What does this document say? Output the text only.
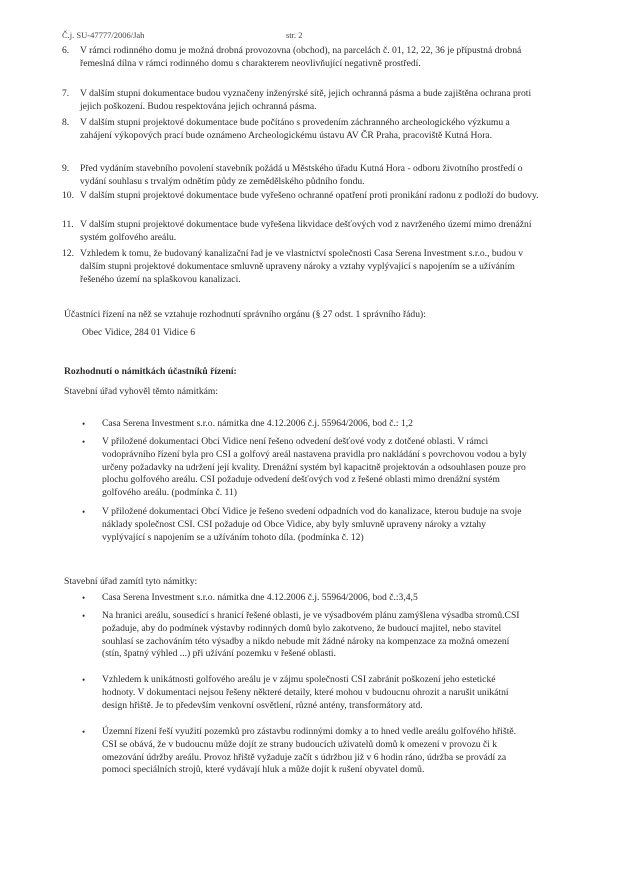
Č.j. SU-47777/2006/Jah	str. 2
6.	V rámci rodinného domu je možná drobná provozovna (obchod), na parcelách č. 01, 12, 22, 36 je přípustná drobná řemeslná dílna v rámci rodinného domu s charakterem neovlivňující negativně prostředí.
7.	V dalším stupni dokumentace budou vyznačeny inženýrské sítě, jejich ochranná pásma a bude zajištěna ochrana proti jejich poškození. Budou respektována jejich ochranná pásma.
8.	V dalším stupni projektové dokumentace bude počítáno s provedením záchranného archeologického výzkumu a zahájení výkopových prací bude oznámeno Archeologickému ústavu AV ČR Praha, pracoviště Kutná Hora.
9.	Před vydáním stavebního povolení stavebník požádá u Městského úřadu Kutná Hora - odboru životního prostředí o vydání souhlasu s trvalým odnětím půdy ze zemědělského půdního fondu.
10. V dalším stupni projektové dokumentace bude vyřešeno ochranné opatření proti pronikání radonu z podloží do budovy.
11. V dalším stupni projektové dokumentace bude vyřešena likvidace dešťových vod z navrženého území mimo drenážní systém golfového areálu.
12. Vzhledem k tomu, že budovaný kanalizační řad je ve vlastnictví společnosti Casa Serena Investment s.r.o., budou v dalším stupni projektové dokumentace smluvně upraveny nároky a vztahy vyplývající s napojením se a užíváním řešeného území na splaškovou kanalizaci.
Účastníci řízení na něž se vztahuje rozhodnutí správního orgánu (§ 27 odst. 1 správního řádu):
Obec Vidice, 284 01 Vidice 6
Rozhodnutí o námitkách účastníků řízení:
Stavební úřad vyhověl těmto námitkám:
• Casa Serena Investment s.r.o. námitka dne 4.12.2006 č.j. 55964/2006, bod č.: 1,2
• V přiložené dokumentaci Obci Vidice není řešeno odvedení dešťové vody z dotčené oblasti. V rámci vodoprávního řízení byla pro CSI a golfový areál nastavena pravidla pro nakládání s povrchovou vodou a byly určeny požadavky na udržení její kvality. Drenážní systém byl kapacitně projektován a odsouhlasen pouze pro plochu golfového areálu. CSI požaduje odvedení dešťových vod z řešené oblasti mimo drenážní systém golfového areálu. (podmínka č. 11)
• V přiložené dokumentaci Obcí Vidice je řešeno svedení odpadních vod do kanalizace, kterou buduje na svoje náklady společnost CSI. CSI požaduje od Obce Vidice, aby byly smluvně upraveny nároky a vztahy vyplývající s napojením se a užíváním tohoto díla. (podmínka č. 12)
Stavební úřad zamítl tyto námitky:
• Casa Serena Investment s.r.o. námitka dne 4.12.2006 č.j. 55964/2006, bod č.:3,4,5
• Na hranici areálu, sousedící s hranicí řešené oblasti, je ve výsadbovém plánu zamýšlena výsadba stromů.CSI požaduje, aby do podmínek výstavby rodinných domů bylo zakotveno, že budoucí majitel, nebo stavitel souhlasí se zachováním této výsadby a nikdo nebude mít žádné nároky na kompenzace za možná omezení (stín, špatný výhled ...) při užívání pozemku v řešené oblasti.
• Vzhledem k unikátnosti golfového areálu je v zájmu společnosti CSI zabránit poškození jeho estetické hodnoty. V dokumentaci nejsou řešeny některé detaily, které mohou v budoucnu ohrozit a narušit unikátní design hřiště. Je to především venkovní osvětlení, různé antény, transformátory atd.
• Územní řízení řeší využití pozemků pro zástavbu rodinnými domky a to hned vedle areálu golfového hřiště. CSI se obává, že v budoucnu může dojít ze strany budoucích uživatelů domů k omezení v provozu či k omezování údržby areálu. Provoz hřiště vyžaduje začít s údržbou již v 6 hodin ráno, údržba se provádí za pomoci speciálních strojů, které vydávají hluk a může dojít k rušení obyvatel domů.
